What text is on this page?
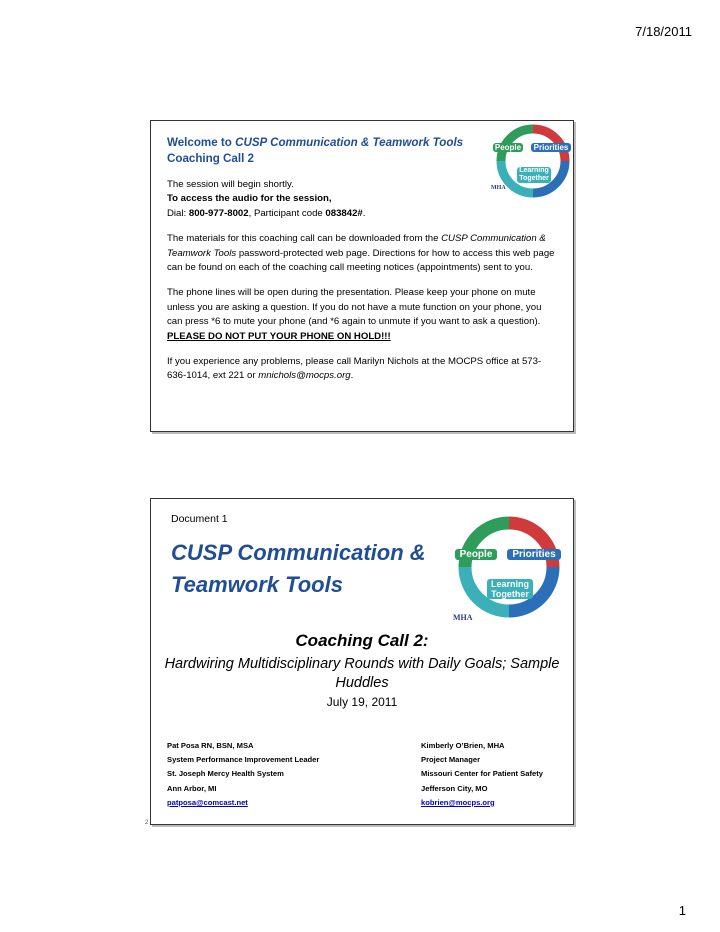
7/18/2011
Welcome to CUSP Communication & Teamwork Tools
Coaching Call 2
The session will begin shortly.
To access the audio for the session,
Dial: 800-977-8002, Participant code 083842#.
The materials for this coaching call can be downloaded from the CUSP Communication & Teamwork Tools password-protected web page. Directions for how to access this web page can be found on each of the coaching call meeting notices (appointments) sent to you.
The phone lines will be open during the presentation. Please keep your phone on mute unless you are asking a question. If you do not have a mute function on your phone, you can press *6 to mute your phone (and *6 again to unmute if you want to ask a question). PLEASE DO NOT PUT YOUR PHONE ON HOLD!!!
If you experience any problems, please call Marilyn Nichols at the MOCPS office at 573-636-1014, ext 221 or mnichols@mocps.org.
People	Priorities
Learning
Together
MHA
Document 1
CUSP Communication & Teamwork Tools
People	Priorities
Learning
Together
MHA
Coaching Call 2:
Hardwiring Multidisciplinary Rounds with Daily Goals; Sample Huddles
July 19, 2011
Pat Posa RN, BSN, MSA
System Performance Improvement Leader
St. Joseph Mercy Health System
Ann Arbor, MI
patposa@comcast.net
Kimberly O’Brien, MHA
Project Manager
Missouri Center for Patient Safety
Jefferson City, MO
kobrien@mocps.org
2
1
